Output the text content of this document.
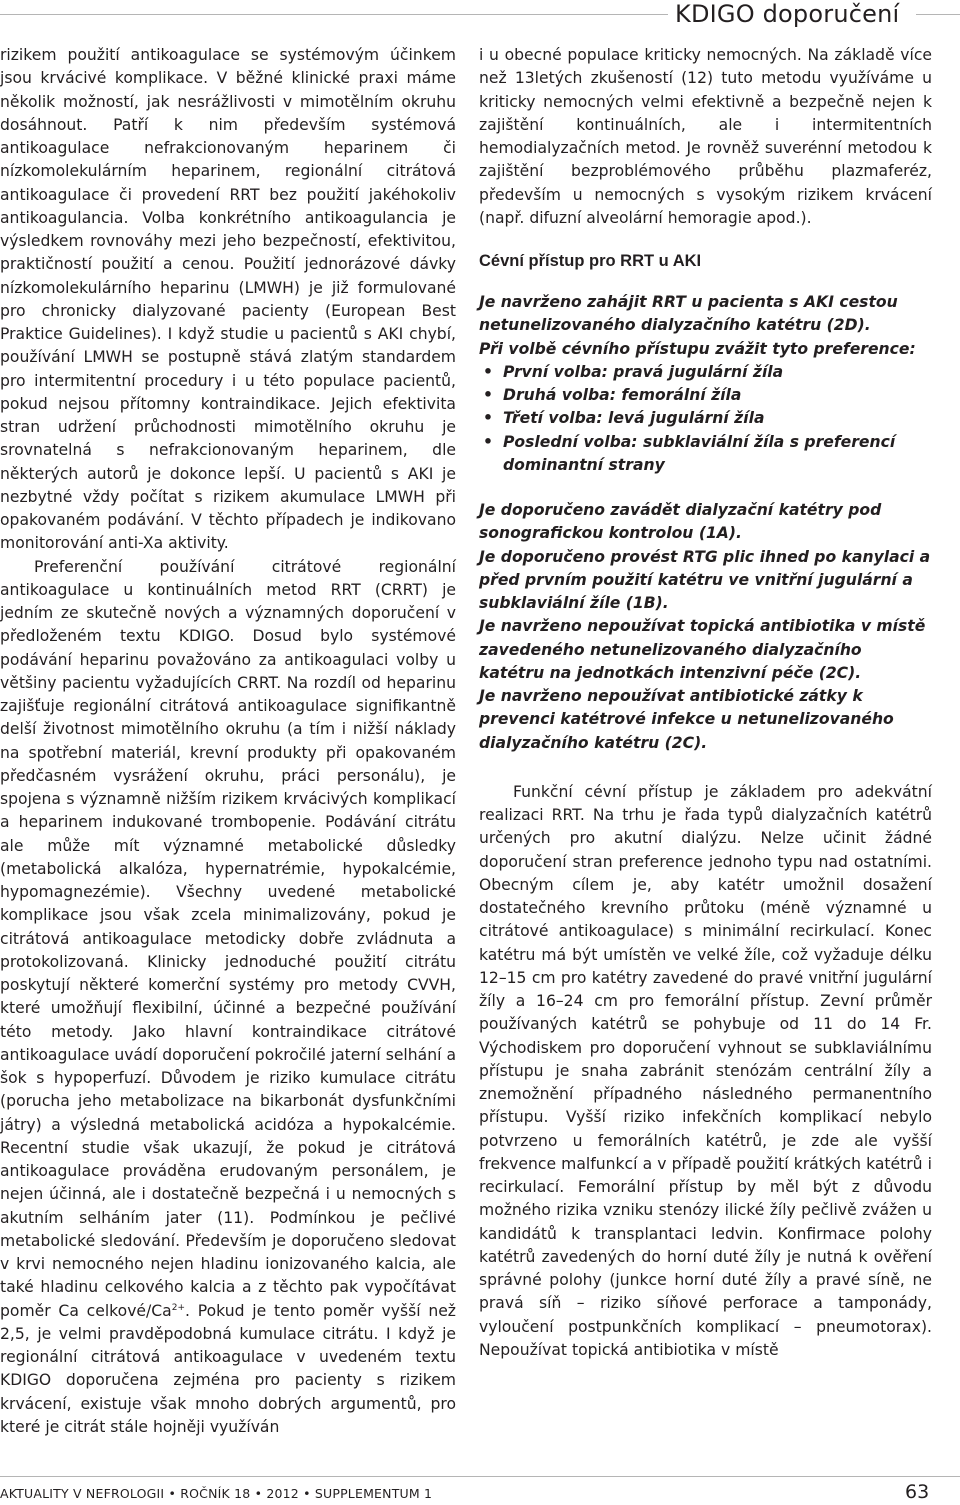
KDIGO doporučení

rizikem použití antikoagulace se systémovým účinkem jsou krvácivé komplikace. V běžné klinické praxi máme několik možností, jak nesrážlivosti v mimotělním okruhu dosáhnout. Patří k nim především systémová antikoagulace nefrakcionovaným heparinem či nízkomolekulárním heparinem, regionální citrátová antikoagulace či provedení RRT bez použití jakéhokoliv antikoagulancia. Volba konkrétního antikoagulancia je výsledkem rovnováhy mezi jeho bezpečností, efektivitou, praktičností použití a cenou. Použití jednorázové dávky nízkomolekulárního heparinu (LMWH) je již formulované pro chronicky dialyzované pacienty (European Best Praktice Guidelines). I když studie u pacientů s AKI chybí, používání LMWH se postupně stává zlatým standardem pro intermitentní procedury i u této populace pacientů, pokud nejsou přítomny kontraindikace. Jejich efektivita stran udržení průchodnosti mimotělního okruhu je srovnatelná s nefrakcionovaným heparinem, dle některých autorů je dokonce lepší. U pacientů s AKI je nezbytné vždy počítat s rizikem akumulace LMWH při opakovaném podávání. V těchto případech je indikovano monitorování anti-Xa aktivity.

Preferenční používání citrátové regionální antikoagulace u kontinuálních metod RRT (CRRT) je jedním ze skutečně nových a významných doporučení v předloženém textu KDIGO. Dosud bylo systémové podávání heparinu považováno za antikoagulaci volby u většiny pacientu vyžadujících CRRT. Na rozdíl od heparinu zajišťuje regionální citrátová antikoagulace signifikantně delší životnost mimotělního okruhu (a tím i nižší náklady na spotřební materiál, krevní produkty při opakovaném předčasném vysrážení okruhu, práci personálu), je spojena s významně nižším rizikem krvácivých komplikací a heparinem indukované trombopenie. Podávání citrátu ale může mít významné metabolické důsledky (metabolická alkalóza, hypernatrémie, hypokalcémie, hypomagnezémie). Všechny uvedené metabolické komplikace jsou však zcela minimalizovány, pokud je citrátová antikoagulace metodicky dobře zvládnuta a protokolizovaná. Klinicky jednoduché použití citrátu poskytují některé komerční systémy pro metody CVVH, které umožňují flexibilní, účinné a bezpečné používání této metody. Jako hlavní kontraindikace citrátové antikoagulace uvádí doporučení pokročilé jaterní selhání a šok s hypoperfuzí. Důvodem je riziko kumulace citrátu (porucha jeho metabolizace na bikarbonát dysfunkčními játry) a výsledná metabolická acidóza a hypokalcémie. Recentní studie však ukazují, že pokud je citrátová antikoagulace prováděna erudovaným personálem, je nejen účinná, ale i dostatečně bezpečná i u nemocných s akutním selháním jater (11). Podmínkou je pečlivé metabolické sledování. Především je doporučeno sledovat v krvi nemocného nejen hladinu ionizovaného kalcia, ale také hladinu celkového kalcia a z těchto pak vypočítávat poměr Ca celkové/$Ca^{2+}$. Pokud je tento poměr vyšší než 2,5, je velmi pravděpodobná kumulace citrátu. I když je regionální citrátová antikoagulace v uvedeném textu KDIGO doporučena zejména pro pacienty s rizikem krvácení, existuje však mnoho dobrých argumentů, pro které je citrát stále hojněji využíván

i u obecné populace kriticky nemocných. Na základě více než 13letých zkušeností (12) tuto metodu využíváme u kriticky nemocných velmi efektivně a bezpečně nejen k zajištění kontinuálních, ale i intermitentních hemodialyzačních metod. Je rovněž suverénní metodou k zajištění bezproblémového průběhu plazmaferéz, především u nemocných s vysokým rizikem krvácení (např. difuzní alveolární hemoragie apod.).

Cévní přístup pro RRT u AKI

Je navrženo zahájit RRT u pacienta s AKI cestou netunelizovaného dialyzačního katétru (2D).

Při volbě cévního přístupu zvážit tyto preference:

• První volba: pravá jugulární žíla
• Druhá volba: femorální žíla
• Třetí volba: levá jugulární žíla
• Poslední volba: subklaviální žíla s preferencí dominantní strany

Je doporučeno zavádět dialyzační katétry pod sonografickou kontrolou (1A).

Je doporučeno provést RTG plic ihned po kanylaci a před prvním použití katétru ve vnitřní jugulární a subklaviální žíle (1B).

Je navrženo nepoužívat topická antibiotika v místě zavedeného netunelizovaného dialyzačního katétru na jednotkách intenzivní péče (2C).

Je navrženo nepoužívat antibiotické zátky k prevenci katétrové infekce u netunelizovaného dialyzačního katétru (2C).

Funkční cévní přístup je základem pro adekvátní realizaci RRT. Na trhu je řada typů dialyzačních katétrů určených pro akutní dialýzu. Nelze učinit žádné doporučení stran preference jednoho typu nad ostatními. Obecným cílem je, aby katétr umožnil dosažení dostatečného krevního průtoku (méně významné u citrátové antikoagulace) s minimální recirkulací. Konec katétru má být umístěn ve velké žíle, což vyžaduje délku 12–15 cm pro katétry zavedené do pravé vnitřní jugulární žíly a 16–24 cm pro femorální přístup. Zevní průměr používaných katétrů se pohybuje od 11 do 14 Fr. Východiskem pro doporučení vyhnout se subklaviálnímu přístupu je snaha zabránit stenózám centrální žíly a znemožnění případného následného permanentního přístupu. Vyšší riziko infekčních komplikací nebylo potvrzeno u femorálních katétrů, je zde ale vyšší frekvence malfunkcí a v případě použití krátkých katétrů i recirkulací. Femorální přístup by měl být z důvodu možného rizika vzniku stenózy ilické žíly pečlivě zvážen u kandidátů k transplantaci ledvin. Konfirmace polohy katétrů zavedených do horní duté žíly je nutná k ověření správné polohy (junkce horní duté žíly a pravé síně, ne pravá síň – riziko síňové perforace a tamponády, vyloučení postpunkčních komplikací – pneumotorax). Nepoužívat topická antibiotika v místě

AKTUALITY V NEFROLOGII • ROČNÍK 18 • 2012 • SUPPLEMENTUM 1	63
